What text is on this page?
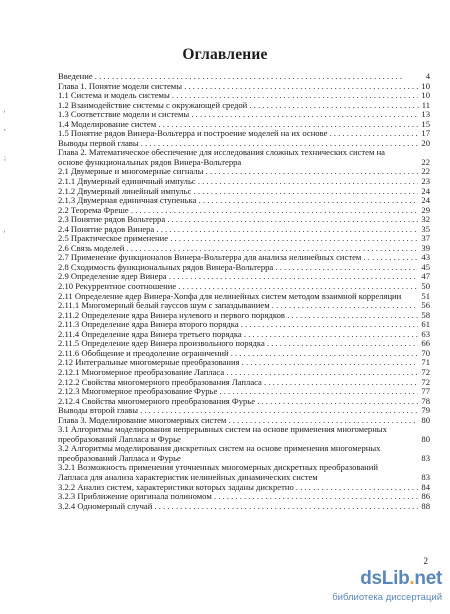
Оглавление
'
,
;
'
Введение . . .	4
Глава 1. Понятие модели системы . . .	10
1.1 Система и модель системы . . .	10
1.2 Взаимодействие системы с окружающей средой . . .	11
1.3 Соответствие модели и системы . . .	13
1.4 Моделирование систем . . .	15
1.5 Понятие рядов Винера-Вольтерра и построение моделей на их основе . . .	17
Выводы первой главы . . .	20
Глава 2. Математическое обеспечение для исследования сложных технических систем на основе функциональных рядов Винера-Вольтерра	22
2.1 Двумерные и многомерные сигналы . . .	22
2.1.1 Двумерный единичный импульс . . .	23
2.1.2 Двумерный линейный импульс . . .	24
2.1.3 Двумерная единичная ступенька . . .	24
2.2 Теорема Фреше . . .	29
2.3 Понятие рядов Вольтерра . . .	32
2.4 Понятие рядов Винера . . .	35
2.5 Практическое применение . . .	37
2.6 Связь моделей . . .	39
2.7 Применение функционалов Винера-Вольтерра для анализа нелинейных систем . . .	43
2.8 Сходимость функциональных рядов Винера-Вольтерра . . .	45
2.9 Определение ядер Винера . . .	47
2.10 Рекуррентное соотношение . . .	50
2.11 Определение ядер Винера-Хопфа для нелинейных систем методом взаимной корреляции	51
2.11.1 Многомерный белый гауссов шум с запаздыванием . . .	56
2.11.2 Определение ядра Винера нулевого и первого порядков . . .	58
2.11.3 Определение ядра Винера второго порядка . . .	61
2.11.4 Определение ядра Винера третьего порядка . . .	63
2.11.5 Определение ядер Винера произвольного порядка . . .	66
2.11.6 Обобщение и преодоление ограничений . . .	70
2.12 Интегральные многомерные преобразования . . .	71
2.12.1 Многомерное преобразование Лапласа . . .	72
2.12.2 Свойства многомерного преобразования Лапласа . . .	72
2.12.3 Многомерное преобразование Фурье . . .	77
2.12.4 Свойства многомерного преобразования Фурье . . .	78
Выводы второй главы . . .	79
Глава 3. Моделирование многомерных систем . . .	80
3.1 Алгоритмы моделирования непрерывных систем на основе применения многомерных преобразований Лапласа и Фурье	80
3.2 Алгоритмы моделирования дискретных систем на основе применения многомерных преобразований Лапласа и Фурье	83
3.2.1 Возможность применения уточненных многомерных дискретных преобразований Лапласа для анализа характеристик нелинейных динамических систем	83
3.2.2 Анализ систем, характеристики которых заданы дискретно . . .	84
3.2.3 Приближение оригинала полиномом . . .	86
3.2.4 Одномерный случай . . .	88
2
dsLib.net
библиотека диссертаций
